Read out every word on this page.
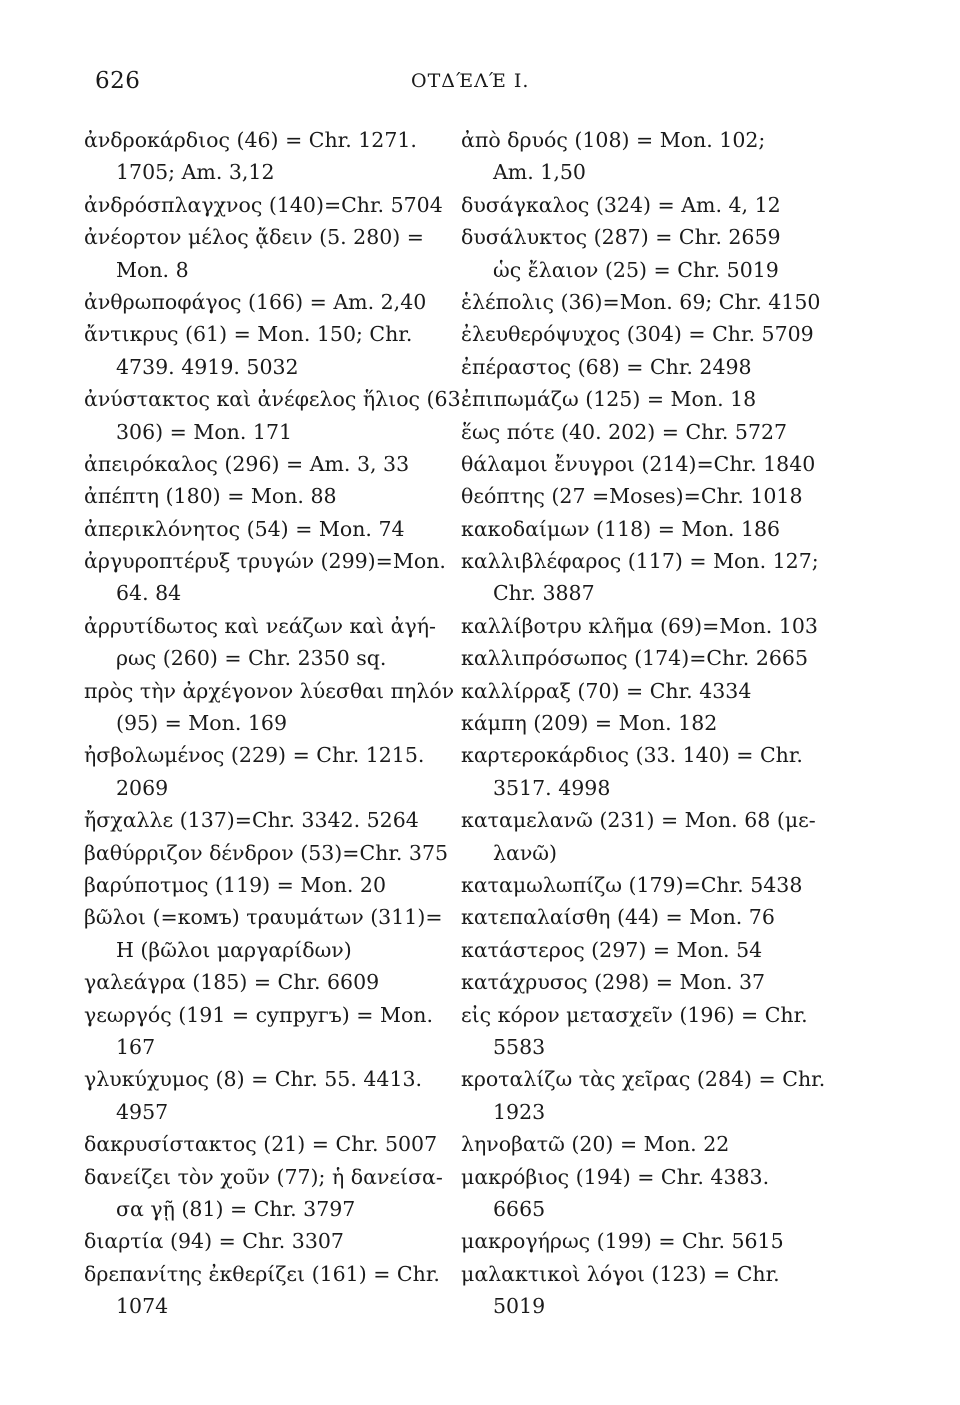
626	ΟΤΔΈΛΈ Ι.
ἀνδροκάρδιος (46) = Chr. 1271.
1705; Am. 3,12
ἀνδρόσπλαγχνος (140)=Chr. 5704
ἀνέορτον μέλος ᾄδειν (5. 280) =
Mon. 8
ἀνθρωποφάγος (166) = Am. 2,40
ἄντικρυς (61) = Mon. 150; Chr.
4739. 4919. 5032
ἀνύστακτος καὶ ἀνέφελος ἥλιος (63.
306) = Mon. 171
ἀπειρόκαλος (296) = Am. 3, 33
ἀπέπτη (180) = Mon. 88
ἀπερικλόνητος (54) = Mon. 74
ἀργυροπτέρυξ τρυγών (299)=Mon.
64. 84
ἀρρυτίδωτος καὶ νεάζων καὶ ἀγή-
ρως (260) = Chr. 2350 sq.
πρὸς τὴν ἀρχέγονον λύεσθαι πηλόν
(95) = Mon. 169
ἠσβολωμένος (229) = Chr. 1215.
2069
ἤσχαλλε (137)=Chr. 3342. 5264
βαθύρριζον δένδρον (53)=Chr. 375
βαρύποτμος (119) = Mon. 20
βῶλοι (=комъ) τραυμάτων (311)=
H (βῶλοι μαργαρίδων)
γαλεάγρα (185) = Chr. 6609
γεωργός (191 = супругъ) = Mon.
167
γλυκύχυμος (8) = Chr. 55. 4413.
4957
δακρυσίστακτος (21) = Chr. 5007
δανείζει τὸν χοῦν (77); ἡ δανείσα-
σα γῇ (81) = Chr. 3797
διαρτία (94) = Chr. 3307
δρεπανίτης ἐκθερίζει (161) = Chr.
1074
ἀπὸ δρυός (108) = Mon. 102;
Am. 1,50
δυσάγκαλος (324) = Am. 4, 12
δυσάλυκτος (287) = Chr. 2659
ὡς ἔλαιον (25) = Chr. 5019
ἑλέπολις (36)=Mon. 69; Chr. 4150
ἐλευθερόψυχος (304) = Chr. 5709
ἐπέραστος (68) = Chr. 2498
ἐπιπωμάζω (125) = Mon. 18
ἕως πότε (40. 202) = Chr. 5727
θάλαμοι ἔνυγροι (214)=Chr. 1840
θεόπτης (27 =Moses)=Chr. 1018
κακοδαίμων (118) = Mon. 186
καλλιβλέφαρος (117) = Mon. 127;
Chr. 3887
καλλίβοτρυ κλῆμα (69)=Mon. 103
καλλιπρόσωπος (174)=Chr. 2665
καλλίρραξ (70) = Chr. 4334
κάμπη (209) = Mon. 182
καρτεροκάρδιος (33. 140) = Chr.
3517. 4998
καταμελανῶ (231) = Mon. 68 (με-
λανῶ)
καταμωλωπίζω (179)=Chr. 5438
κατεπαλαίσθη (44) = Mon. 76
κατάστερος (297) = Mon. 54
κατάχρυσος (298) = Mon. 37
εἰς κόρον μετασχεῖν (196) = Chr.
5583
κροταλίζω τὰς χεῖρας (284) = Chr.
1923
ληνοβατῶ (20) = Mon. 22
μακρόβιος (194) = Chr. 4383.
6665
μακρογήρως (199) = Chr. 5615
μαλακτικοὶ λόγοι (123) = Chr.
5019
